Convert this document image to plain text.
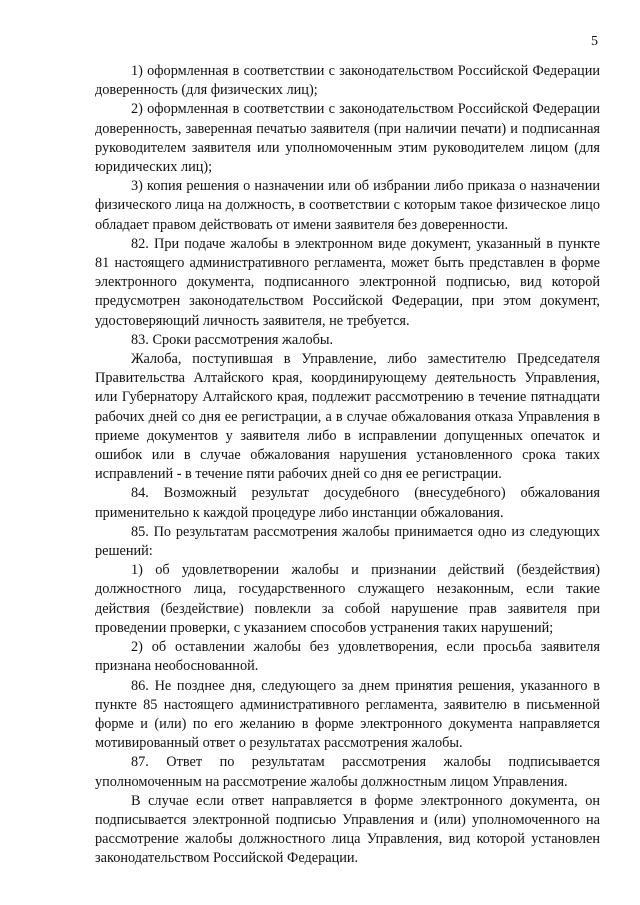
5

1) оформленная в соответствии с законодательством Российской Федерации доверенность (для физических лиц);

2) оформленная в соответствии с законодательством Российской Федерации доверенность, заверенная печатью заявителя (при наличии печати) и подписанная руководителем заявителя или уполномоченным этим руководителем лицом (для юридических лиц);

3) копия решения о назначении или об избрании либо приказа о назначении физического лица на должность, в соответствии с которым такое физическое лицо обладает правом действовать от имени заявителя без доверенности.

82. При подаче жалобы в электронном виде документ, указанный в пункте 81 настоящего административного регламента, может быть представлен в форме электронного документа, подписанного электронной подписью, вид которой предусмотрен законодательством Российской Федерации, при этом документ, удостоверяющий личность заявителя, не требуется.

83. Сроки рассмотрения жалобы.

Жалоба, поступившая в Управление, либо заместителю Председателя Правительства Алтайского края, координирующему деятельность Управления, или Губернатору Алтайского края, подлежит рассмотрению в течение пятнадцати рабочих дней со дня ее регистрации, а в случае обжалования отказа Управления в приеме документов у заявителя либо в исправлении допущенных опечаток и ошибок или в случае обжалования нарушения установленного срока таких исправлений - в течение пяти рабочих дней со дня ее регистрации.

84. Возможный результат досудебного (внесудебного) обжалования применительно к каждой процедуре либо инстанции обжалования.

85. По результатам рассмотрения жалобы принимается одно из следующих решений:

1) об удовлетворении жалобы и признании действий (бездействия) должностного лица, государственного служащего незаконным, если такие действия (бездействие) повлекли за собой нарушение прав заявителя при проведении проверки, с указанием способов устранения таких нарушений;

2) об оставлении жалобы без удовлетворения, если просьба заявителя признана необоснованной.

86. Не позднее дня, следующего за днем принятия решения, указанного в пункте 85 настоящего административного регламента, заявителю в письменной форме и (или) по его желанию в форме электронного документа направляется мотивированный ответ о результатах рассмотрения жалобы.

87. Ответ по результатам рассмотрения жалобы подписывается уполномоченным на рассмотрение жалобы должностным лицом Управления.

В случае если ответ направляется в форме электронного документа, он подписывается электронной подписью Управления и (или) уполномоченного на рассмотрение жалобы должностного лица Управления, вид которой установлен законодательством Российской Федерации.
